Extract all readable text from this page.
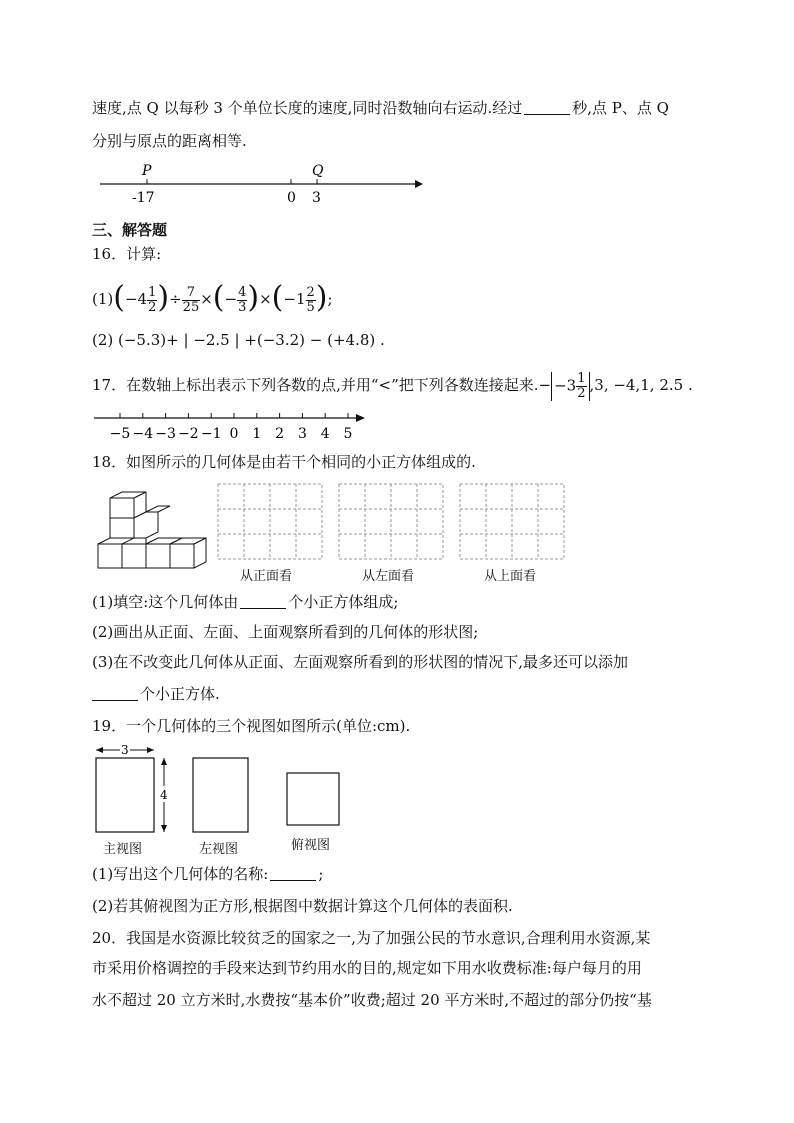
速度,点 Q 以每秒 3 个单位长度的速度,同时沿数轴向右运动.经过	秒,点 P、点 Q
分别与原点的距离相等.
P	Q
-17	0 3
三、解答题
16．计算:
$(1)(-4 \frac{1}{2}$ )÷ $\frac{7}{25}$ ×(− $\frac{4}{3} )\times(-1 \frac{2}{5}$ );
(2) (−5.3)+ | −2.5 | +(−3.2) − (+4.8) .
17．在数轴上标出表示下列各数的点,并用“<”把下列各数连接起来.− $-3 \frac{1}{2} ,3$, −4,1, 2.5 .
−5 −4 −3 −2 −1 0 1 2 3 4 5
18．如图所示的几何体是由若干个相同的小正方体组成的.
从正面看	从左面看	从上面看
(1)填空:这个几何体由	个小正方体组成;
(2)画出从正面、左面、上面观察所看到的几何体的形状图;
(3)在不改变此几何体从正面、左面观察所看到的形状图的情况下,最多还可以添加
个小正方体.
19．一个几何体的三个视图如图所示(单位:cm).
3
4
主视图	左视图	俯视图
(1)写出这个几何体的名称:	;
(2)若其俯视图为正方形,根据图中数据计算这个几何体的表面积.
20．我国是水资源比较贫乏的国家之一,为了加强公民的节水意识,合理利用水资源,某
市采用价格调控的手段来达到节约用水的目的,规定如下用水收费标准:每户每月的用
水不超过 20 立方米时,水费按“基本价”收费;超过 20 平方米时,不超过的部分仍按“基
